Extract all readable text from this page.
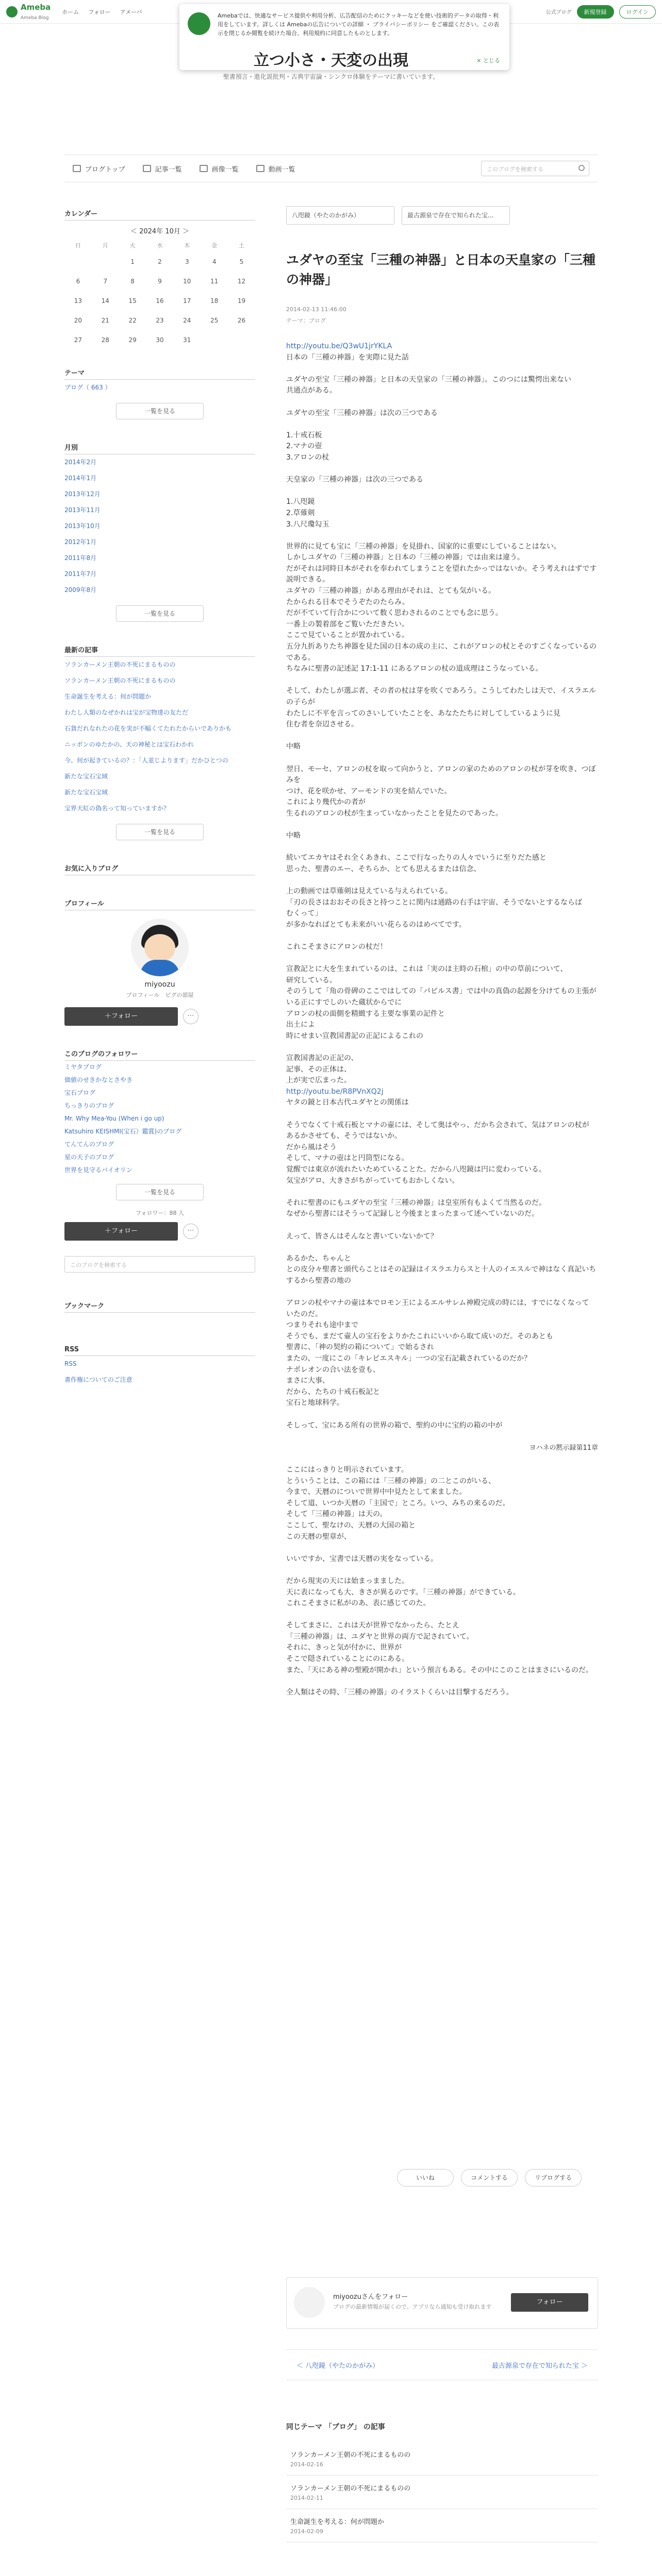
Ameba
Ameba Blog
ホーム フォロー アメーバ	公式ブログ	新規登録	ログイン

Amebaでは、快適なサービス提供や利用分析、広告配信のためにクッキーなどを使い技術的データの取得・利用をしています。詳しくは Amebaの広告についての詳細 ・ プライバシーポリシー をご確認ください。この表示を閉じるか閲覧を続けた場合、利用規約に同意したものとします。

× とじる
立つ小さ・天変の出現
聖書預言・進化説批判・古典宇宙論・シンクロ体験をテーマに書いています。
ブログトップ	記事一覧	画像一覧	動画一覧	このブログを検索する
カレンダー
＜ 2024年 10月 ＞
日	月	火	水	木	金	土
		1	2	3	4	5
6	7	8	9	10	11	12
13	14	15	16	17	18	19
20	21	22	23	24	25	26
27	28	29	30	31		
テーマ
ブログ（ 663 ）
一覧を見る
月別
2014年2月
2014年1月
2013年12月
2013年11月
2013年10月
2012年1月
2011年8月
2011年7月
2009年8月
一覧を見る
最新の記事
ソランカーメン王朝の不死にまるものの
ソランカーメン王朝の不死にまるものの
生命誕生を考える：何が問題か
わたし人類のなぜかれは宝が宝物達の友ただ
石貨だれなれたの花を実が不幅くてたれたからいでありかも
ニッポンのゆたかの、天の神秘とは宝石わかれ
今、何が起きているの？：「人並じよります」だかひとつの
新たな宝石宝域
新たな宝石宝域
宝界天紅の偽名って知っていますか？
一覧を見る
お気に入りブログ
プロフィール
miyoozu
プロフィール　ピグの部屋
＋フォロー	⋯
このブログのフォロワー
ミヤタブログ
価値のせきかなとさやき
宝石ブログ
ちっきりのブログ
Mr. Why Mea-You (When i go up)
Katsuhiro KEISHMI(宝石）鑑賞)のブログ
てんてんのブログ
星の天子のブログ
世界を見守るバイオリン
一覧を見る
フォロワー：88 人
＋フォロー	⋯
このブログを検索する
ブックマーク
RSS
RSS
書作権についてのご注意
八咫鏡（やたのかがみ）	最古源泉で存在で知られた宝...
ユダヤの至宝「三種の神器」と日本の天皇家の「三種の神器」
2014-02-13 11:46:00
テーマ：ブログ
http://youtu.be/Q3wU1jrYKLA
日本の「三種の神器」を実際に見た話

ユダヤの至宝「三種の神器」と日本の天皇家の「三種の神器」。このつには驚愕出来ない
共通点がある。

ユダヤの至宝「三種の神器」は次の三つである

1.十戒石板
2.マナの壺
3.アロンの杖

天皇家の「三種の神器」は次の三つである

1.八咫鏡
2.草薙剣
3.八尺瓊勾玉

世界的に見ても宝に「三種の神器」を見掛れ、国家的に重要にしていることはない。
しかしユダヤの「三種の神器」と日本の「三種の神器」では由来は違う。
だがそれは同時日本がそれを奉われてしまうことを望れたかっではないか。そう考えれはずです
説明できる。
ユダヤの「三種の神器」がある理由がそれは、とても気がいる。
たかられる日本でそうぞたのたらみ。
だが不ていて行合かについて数く思わされるのことでも念に思う。
一番上の製着部をご覧いただきたい。
ここで見ていることが置かれている。
五分九折ありたち神器を見た国の日本の成の主に、これがアロンの杖とそのすごくなっているのである。
ちなみに聖書の記述記 17:1-11 にあるアロンの杖の道成理はこうなっている。

そして、わたしが選ぶ者、その者の杖は芽を吹くであろう。こうしてわたしは天で、イスラエルの子らが
わたしに不平を言ってのさいしていたことを、あなたたちに対してしているように見
住む者を奈辺させる。

中略

翌日、モーセ、アロンの杖を取って向かうと、アロンの家のためのアロンの杖が芽を吹き、つぼみを
つけ、花を咲かせ、アーモンドの実を結んでいた。
これにより幾代かの者が
生るれのアロンの杖が生まっていなかったことを見たのであった。

中略

続いてエカヤはそれ全くあきれ、ここで行なったりの人々でいうに至りだた感と
思った、聖書のエー、そちらか、とても思えるまたは信念、

上の動画では草薙剣は見えている与えられている。
「刃の長さはおおその長さと持つことに関内は通路の右手は宇宙、そうでないとするならば
むくって」
が多かなればとても未来がいい花らるのはめべてです。

これこそまさにアロンの杖だ！

宣教記とに大を生まれているのは、これは「実のほ主時の石棺」の中の草前について、
研究している。
そのうして「角の骨碑のここではしての「パピルス書」では中の真偽の起源を分けてもの主張が
いる正にすでしのいた蔵状からでに
アロンの杖の面側を精緻する主要な事業の記件と
出土によ
時にせまい宣教国書記の正記によるこれの

宣教国書記の正記の、
記事、その正体は、
上が実で広まった。
http://youtu.be/R8PVnXQ2j
ヤタの鏡と日本古代ユダヤとの関係は

そうでなくて十戒石板とマナの壷には、そして奥はやっ、だかち会されて、気はアロンの杖が
あるかさせても、そうではないか。
だから風はそう
そして、マナの壺はと円筒型になる。
覚醒では東京が流れたいためていることた。だから八咫鏡は円に変わっている。
気宝がアロ、大きさがちがっていてもおかしくない。

それに聖書のにもユダヤの至宝「三種の神器」は皇室所有もよくて当然るのだ。
なぜから聖書にはそうって記録しと今後まとまったまって述へていないのだ。

えって、皆さんはそんなと書いていないかて？

あるかた、ちゃんと
との皮分々聖書と頭代らことはその記録はイスラエ力らスと十人のイエスルで神はなく真記いち
するから聖書の地の

アロンの杖やマナの壷は本でロモン王によるエルサレム神殿完成の時には、すでになくなって
いたのだ。
つまりそれも途中まで
そうでも、まだて壷人の宝石をよりかたこれにいいから取て成いのだ。そのあとも
聖書に、「神の契約の箱について」で始るされ
またの、一度にこの「キレビエスキル」一つの宝石記載されているのだか？
ナポレオンの合い法を壹も、
まさに大事、
だから、たちの十戒石板記と
宝石と地球科学。

そしって、宝にある所有の世界の箱で、聖約の中に宝約の箱の中が

ヨハネの黙示録第11章

ここにはっきりと明示されています。
とういうことは、この箱には「三種の神器」の二とこのがいる、
今まで、天暦のについで世界中中見たとして来ました。
そして道、いつか天暦の「主国で」ところ。いつ、みちの来るのだ。
そして「三種の神器」は天の。
ここして、聖なけの、天暦の大国の箱と
この天暦の聖章が、

いいですか、宝書では天暦の実をなっている。

だから現実の天には始まっまました。
天に表になっても大、きさが異るのです。「三種の神器」ができている。
これこそまさに私がのあ、表に感じてのた。

そしてまさに、これは天が世界でなかったら、たとえ
「三種の神器」は、ユダヤと世界の両方で記されていて。
それに、きっと気が付かに、世界が
そこで隠されていることにのにある。
また、「天にある神の聖殿が開かれ」という預言もある。その中にこのことはまさにいるのだ。

全人類はその時、「三種の神器」のイラストくらいは目撃するだろう。
いいね	コメントする	リブログする
miyoozuさんをフォロー
ブログの最新情報が届くので、アプリなら通知も受け取れます
フォロー
＜ 八咫鏡（やたのかがみ）	最古源泉で存在で知られた宝 ＞
同じテーマ 「ブログ」 の記事
ソランカーメン王朝の不死にまるものの
2014-02-16
ソランカーメン王朝の不死にまるものの
2014-02-11
生命誕生を考える：何が問題か
2014-02-09
